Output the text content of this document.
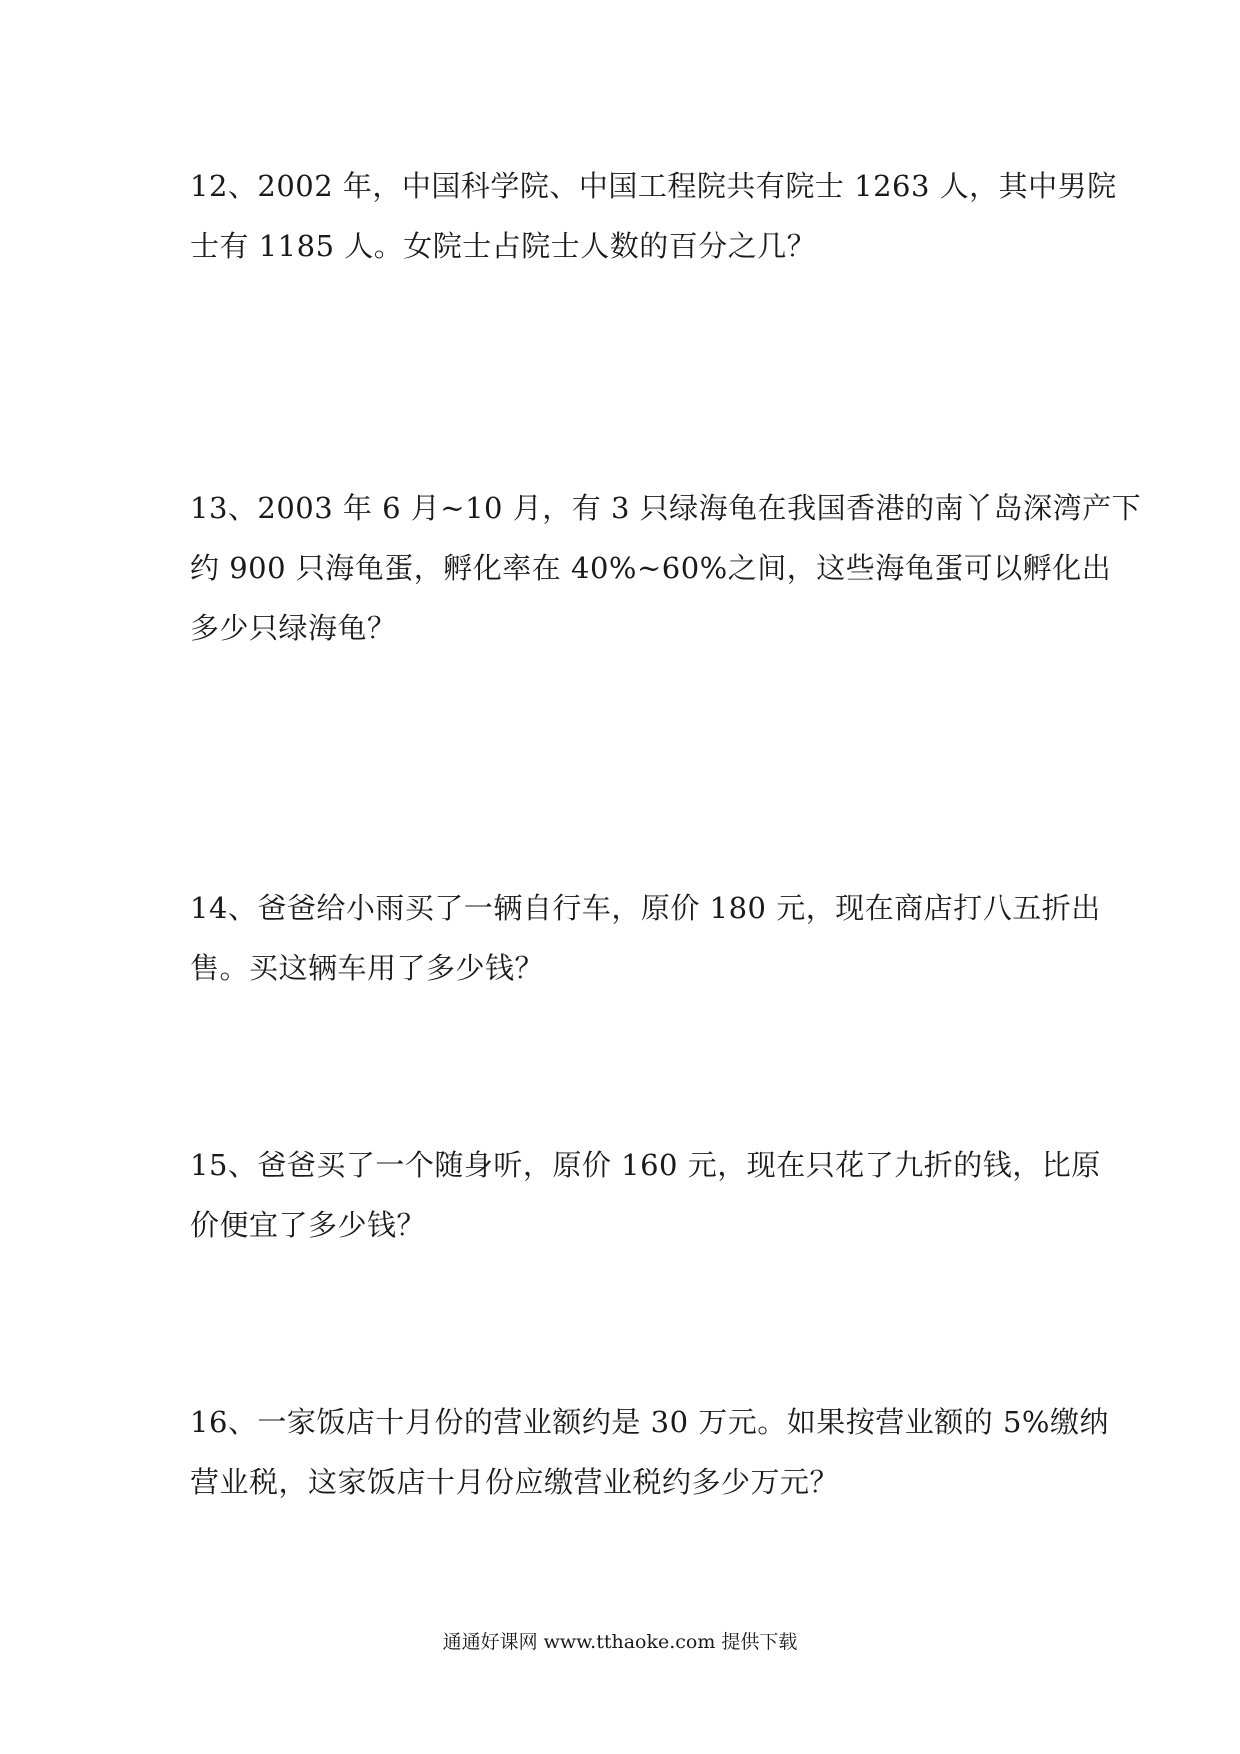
12、2002 年，中国科学院、中国工程院共有院士 1263 人，其中男院
士有 1185 人。女院士占院士人数的百分之几？
13、2003 年 6 月~10 月，有 3 只绿海龟在我国香港的南丫岛深湾产下
约 900 只海龟蛋，孵化率在 40%~60%之间，这些海龟蛋可以孵化出
多少只绿海龟？
14、爸爸给小雨买了一辆自行车，原价 180 元，现在商店打八五折出
售。买这辆车用了多少钱？
15、爸爸买了一个随身听，原价 160 元，现在只花了九折的钱，比原
价便宜了多少钱？
16、一家饭店十月份的营业额约是 30 万元。如果按营业额的 5%缴纳
营业税，这家饭店十月份应缴营业税约多少万元？
通通好课网 www.tthaoke.com 提供下载
